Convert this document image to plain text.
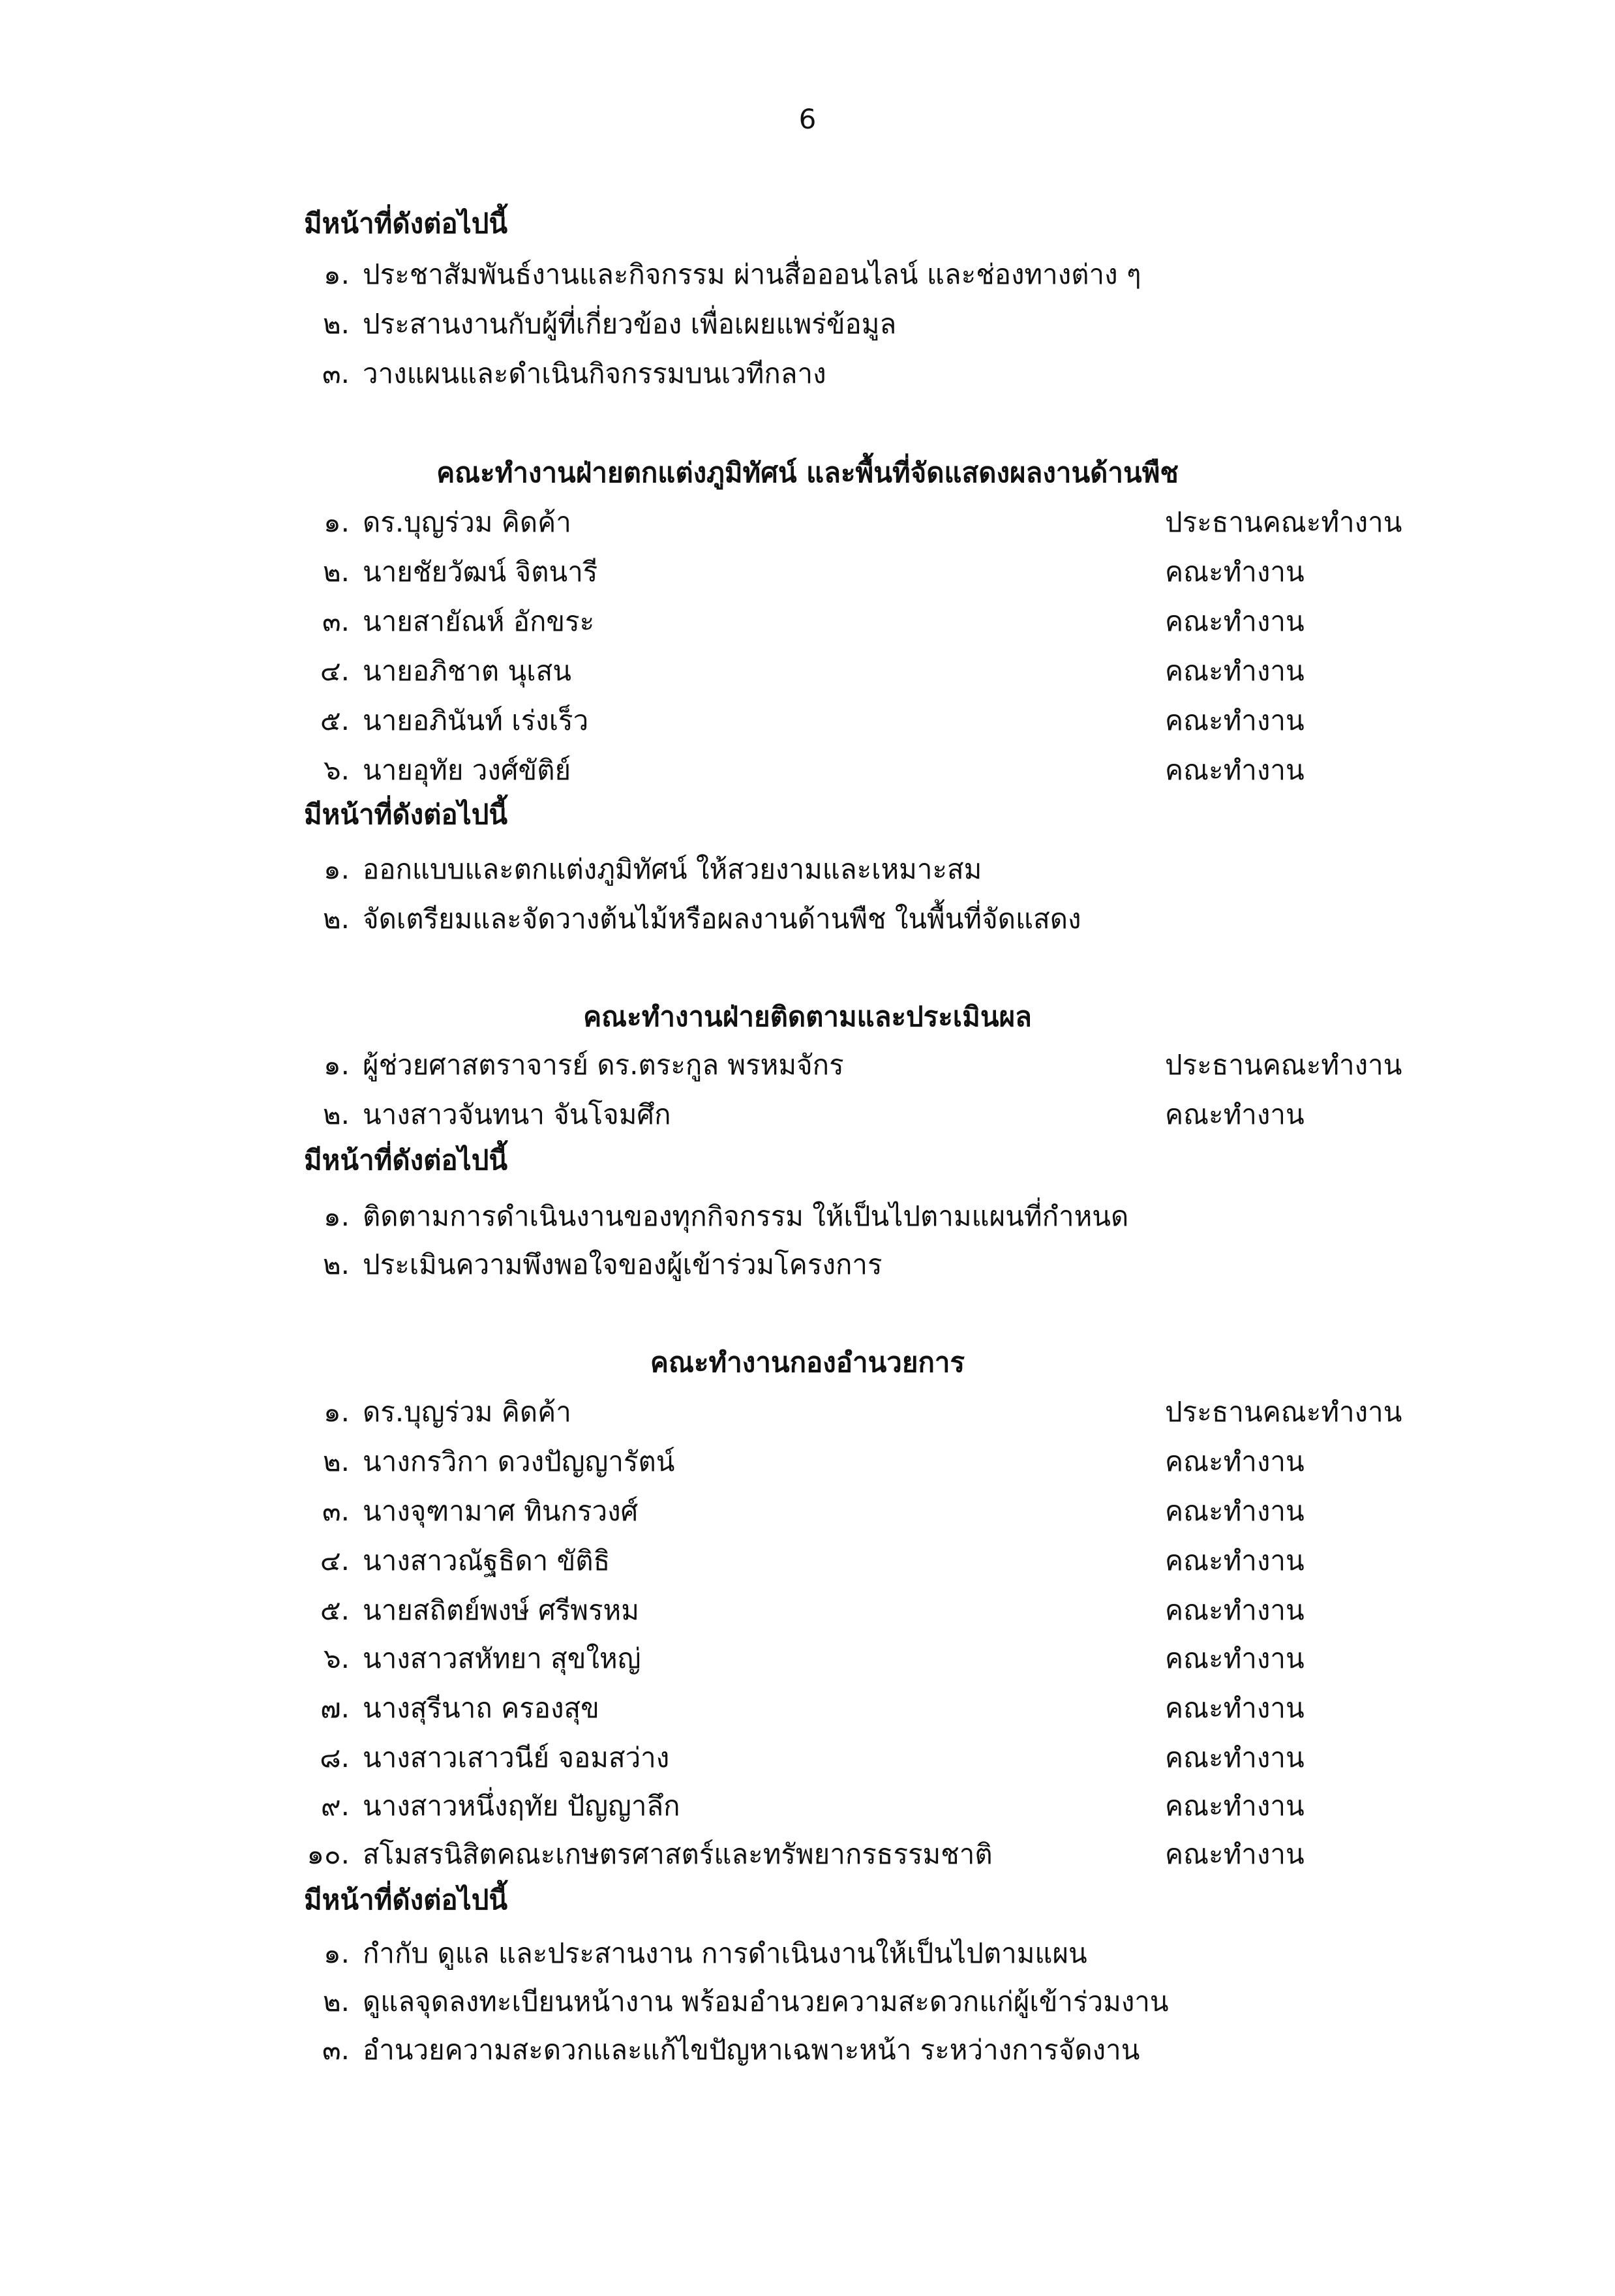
6
มีหน้าที่ดังต่อไปนี้
๑. ประชาสัมพันธ์งานและกิจกรรม ผ่านสื่อออนไลน์ และช่องทางต่าง ๆ
๒. ประสานงานกับผู้ที่เกี่ยวข้อง เพื่อเผยแพร่ข้อมูล
๓. วางแผนและดำเนินกิจกรรมบนเวทีกลาง
คณะทำงานฝ่ายตกแต่งภูมิทัศน์ และพื้นที่จัดแสดงผลงานด้านพืช
๑. ดร.บุญร่วม คิดค้า	ประธานคณะทำงาน
๒. นายชัยวัฒน์ จิตนารี	คณะทำงาน
๓. นายสายัณห์ อักขระ	คณะทำงาน
๔. นายอภิชาต นุเสน	คณะทำงาน
๕. นายอภินันท์ เร่งเร็ว	คณะทำงาน
๖. นายอุทัย วงศ์ขัติย์	คณะทำงาน
มีหน้าที่ดังต่อไปนี้
๑. ออกแบบและตกแต่งภูมิทัศน์ ให้สวยงามและเหมาะสม
๒. จัดเตรียมและจัดวางต้นไม้หรือผลงานด้านพืช ในพื้นที่จัดแสดง
คณะทำงานฝ่ายติดตามและประเมินผล
๑. ผู้ช่วยศาสตราจารย์ ดร.ตระกูล พรหมจักร	ประธานคณะทำงาน
๒. นางสาวจันทนา จันโจมศึก	คณะทำงาน
มีหน้าที่ดังต่อไปนี้
๑. ติดตามการดำเนินงานของทุกกิจกรรม ให้เป็นไปตามแผนที่กำหนด
๒. ประเมินความพึงพอใจของผู้เข้าร่วมโครงการ
คณะทำงานกองอำนวยการ
๑. ดร.บุญร่วม คิดค้า	ประธานคณะทำงาน
๒. นางกรวิกา ดวงปัญญารัตน์	คณะทำงาน
๓. นางจุฑามาศ ทินกรวงศ์	คณะทำงาน
๔. นางสาวณัฐธิดา ขัติธิ	คณะทำงาน
๕. นายสถิตย์พงษ์ ศรีพรหม	คณะทำงาน
๖. นางสาวสหัทยา สุขใหญ่	คณะทำงาน
๗. นางสุรีนาถ ครองสุข	คณะทำงาน
๘. นางสาวเสาวนีย์ จอมสว่าง	คณะทำงาน
๙. นางสาวหนึ่งฤทัย ปัญญาลึก	คณะทำงาน
๑๐. สโมสรนิสิตคณะเกษตรศาสตร์และทรัพยากรธรรมชาติ	คณะทำงาน
มีหน้าที่ดังต่อไปนี้
๑. กำกับ ดูแล และประสานงาน การดำเนินงานให้เป็นไปตามแผน
๒. ดูแลจุดลงทะเบียนหน้างาน พร้อมอำนวยความสะดวกแก่ผู้เข้าร่วมงาน
๓. อำนวยความสะดวกและแก้ไขปัญหาเฉพาะหน้า ระหว่างการจัดงาน
